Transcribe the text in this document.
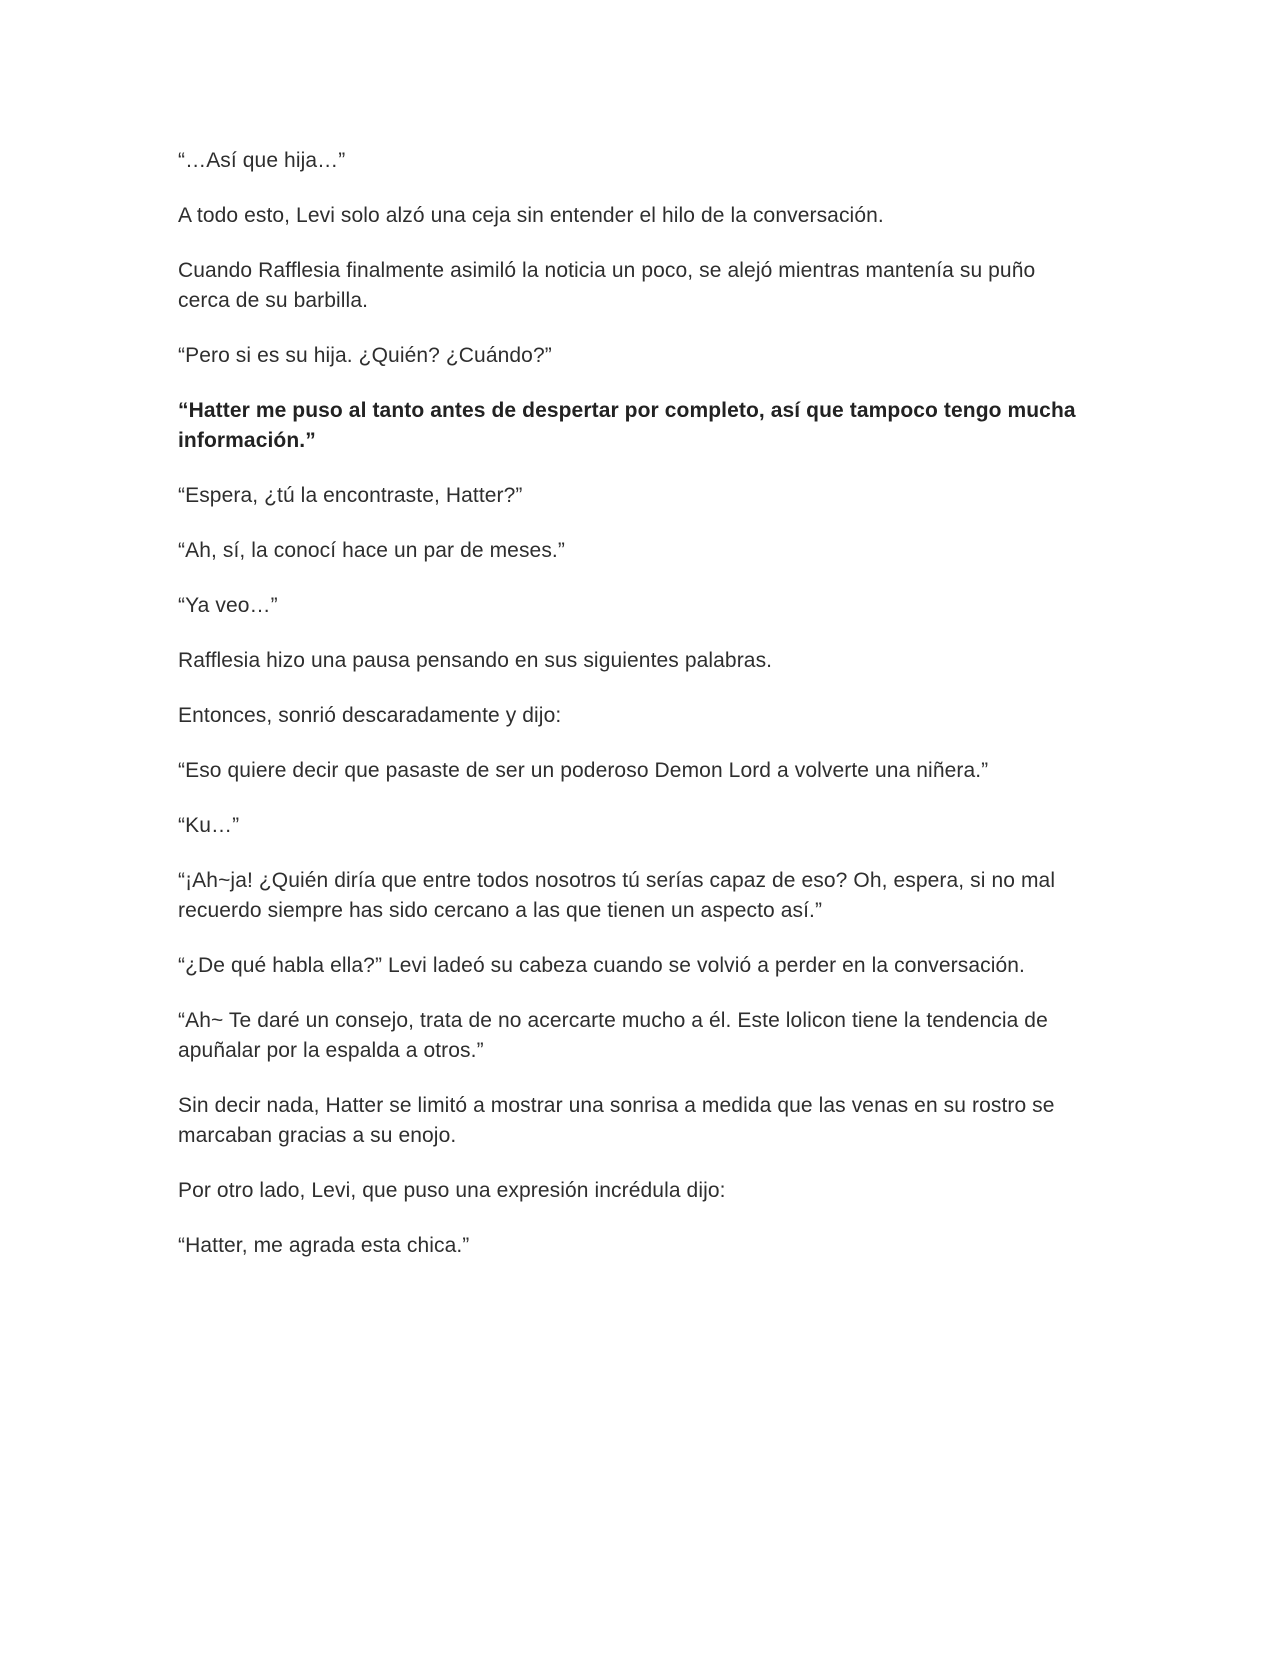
“…Así que hija…”

A todo esto, Levi solo alzó una ceja sin entender el hilo de la conversación.

Cuando Rafflesia finalmente asimiló la noticia un poco, se alejó mientras mantenía su puño cerca de su barbilla.

“Pero si es su hija. ¿Quién? ¿Cuándo?”

“Hatter me puso al tanto antes de despertar por completo, así que tampoco tengo mucha información.”

“Espera, ¿tú la encontraste, Hatter?”

“Ah, sí, la conocí hace un par de meses.”

“Ya veo…”

Rafflesia hizo una pausa pensando en sus siguientes palabras.

Entonces, sonrió descaradamente y dijo:

“Eso quiere decir que pasaste de ser un poderoso Demon Lord a volverte una niñera.”

“Ku…”

“¡Ah~ja! ¿Quién diría que entre todos nosotros tú serías capaz de eso? Oh, espera, si no mal recuerdo siempre has sido cercano a las que tienen un aspecto así.”

“¿De qué habla ella?” Levi ladeó su cabeza cuando se volvió a perder en la conversación.

“Ah~ Te daré un consejo, trata de no acercarte mucho a él. Este lolicon tiene la tendencia de apuñalar por la espalda a otros.”

Sin decir nada, Hatter se limitó a mostrar una sonrisa a medida que las venas en su rostro se marcaban gracias a su enojo.

Por otro lado, Levi, que puso una expresión incrédula dijo:

“Hatter, me agrada esta chica.”
